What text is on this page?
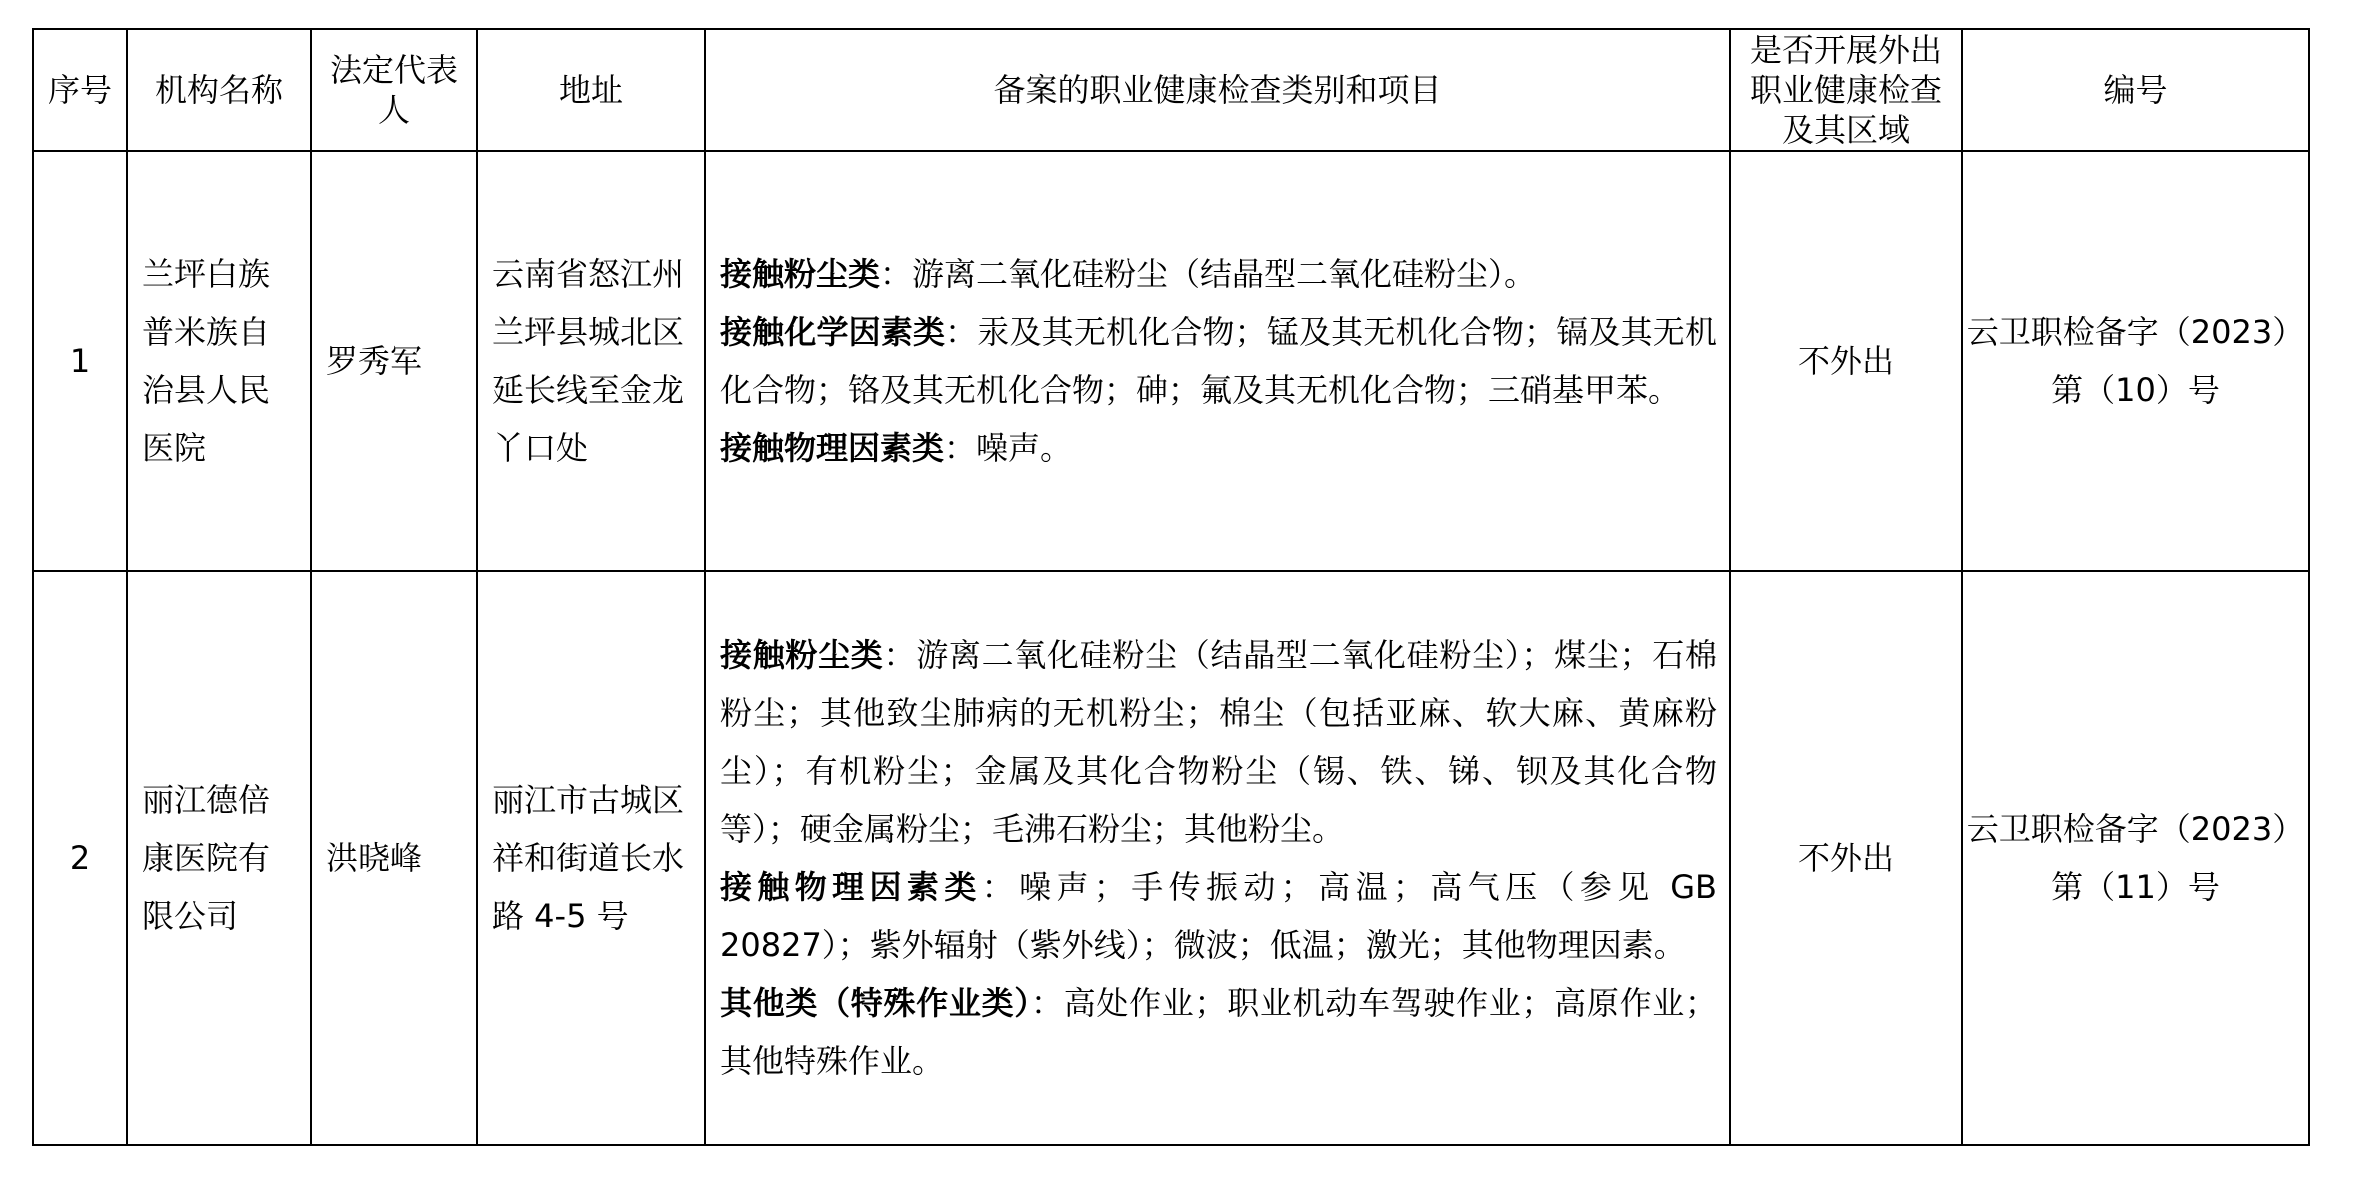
序号	机构名称	法定代表人	地址	备案的职业健康检查类别和项目	是否开展外出职业健康检查及其区域	编号

1	兰坪白族普米族自治县人民医院	罗秀军	云南省怒江州兰坪县城北区延长线至金龙丫口处	接触粉尘类：游离二氧化硅粉尘（结晶型二氧化硅粉尘）。

接触化学因素类：汞及其无机化合物；锰及其无机化合物；镉及其无机化合物；铬及其无机化合物；砷；氟及其无机化合物；三硝基甲苯。

接触物理因素类：噪声。	不外出	云卫职检备字（2023）第（10）号
2	丽江德倍康医院有限公司	洪晓峰	丽江市古城区祥和街道长水路 4-5 号	接触粉尘类：游离二氧化硅粉尘（结晶型二氧化硅粉尘）；煤尘；石棉粉尘；其他致尘肺病的无机粉尘；棉尘（包括亚麻、软大麻、黄麻粉尘）；有机粉尘；金属及其化合物粉尘（锡、铁、锑、钡及其化合物等）；硬金属粉尘；毛沸石粉尘；其他粉尘。

接触物理因素类：噪声；手传振动；高温；高气压（参见 GB 20827）；紫外辐射（紫外线）；微波；低温；激光；其他物理因素。

其他类（特殊作业类）：高处作业；职业机动车驾驶作业；高原作业；其他特殊作业。	不外出	云卫职检备字（2023）第（11）号
